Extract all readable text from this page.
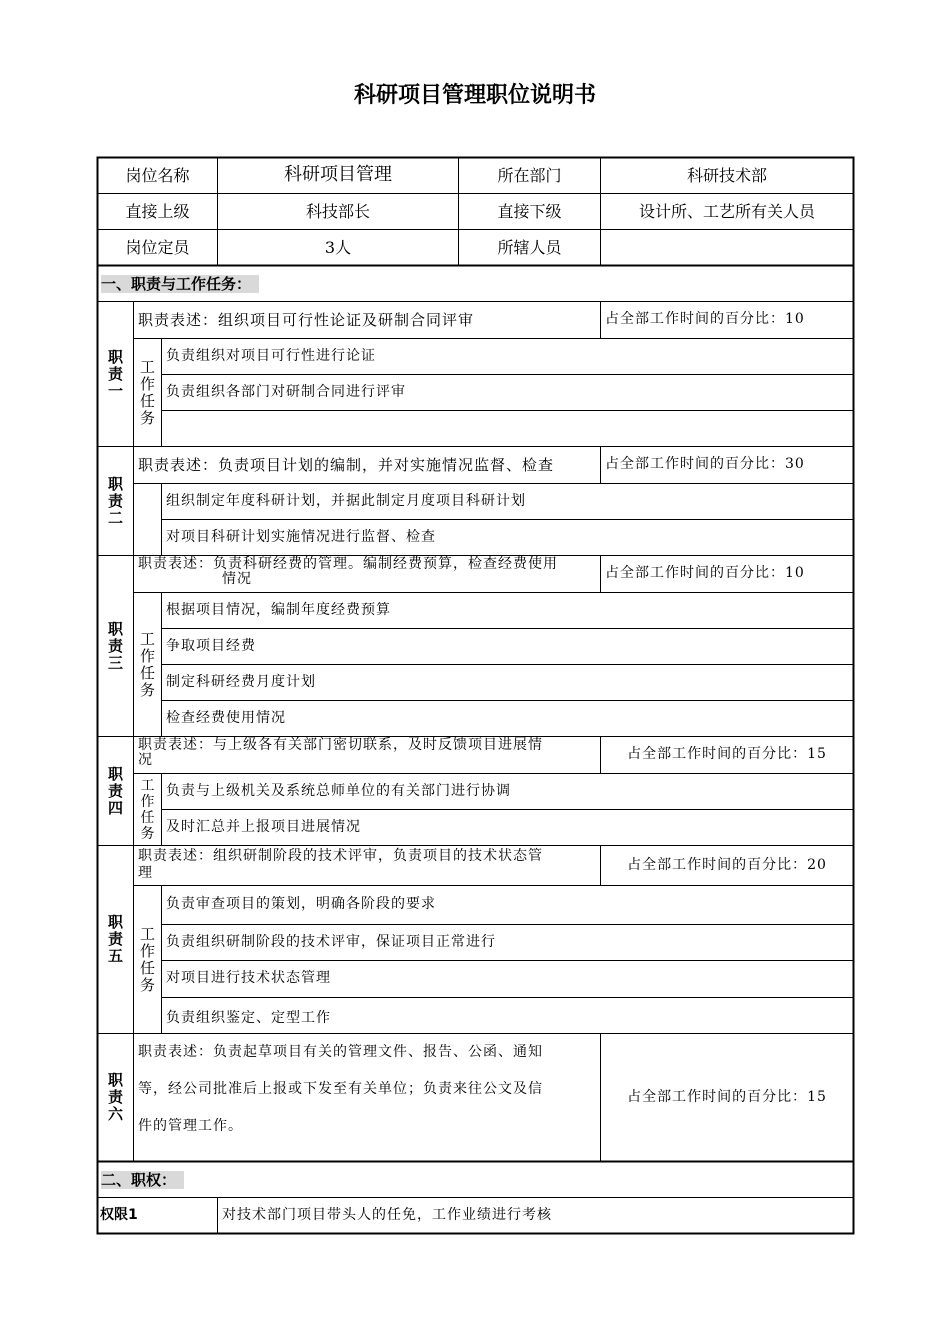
科研项目管理职位说明书
岗位名称	科研项目管理	所在部门	科研技术部
直接上级	科技部长	直接下级	设计所、工艺所有关人员
岗位定员	3人	所辖人员
一、职责与工作任务：
职
责
一
职责表述：组织项目可行性论证及研制合同评审	占全部工作时间的百分比：10
工
作
任
务
负责组织对项目可行性进行论证
负责组织各部门对研制合同进行评审
职
责
二
职责表述：负责项目计划的编制，并对实施情况监督、检查	占全部工作时间的百分比：30
组织制定年度科研计划，并据此制定月度项目科研计划
对项目科研计划实施情况进行监督、检查
职
责
三
职责表述：负责科研经费的管理。编制经费预算，检查经费使用
情况	占全部工作时间的百分比：10
工
作
任
务
根据项目情况，编制年度经费预算
争取项目经费
制定科研经费月度计划
检查经费使用情况
职
责
四
职责表述：与上级各有关部门密切联系，及时反馈项目进展情
况	占全部工作时间的百分比：15
工
作
任
务
负责与上级机关及系统总师单位的有关部门进行协调
及时汇总并上报项目进展情况
职
责
五
职责表述：组织研制阶段的技术评审，负责项目的技术状态管
理
占全部工作时间的百分比：20
工
作
任
务
负责审查项目的策划，明确各阶段的要求
负责组织研制阶段的技术评审，保证项目正常进行
对项目进行技术状态管理
负责组织鉴定、定型工作
职
责
六
职责表述：负责起草项目有关的管理文件、报告、公函、通知
等，经公司批准后上报或下发至有关单位；负责来往公文及信
件的管理工作。
占全部工作时间的百分比：15
二、职权：
权限1	对技术部门项目带头人的任免，工作业绩进行考核
